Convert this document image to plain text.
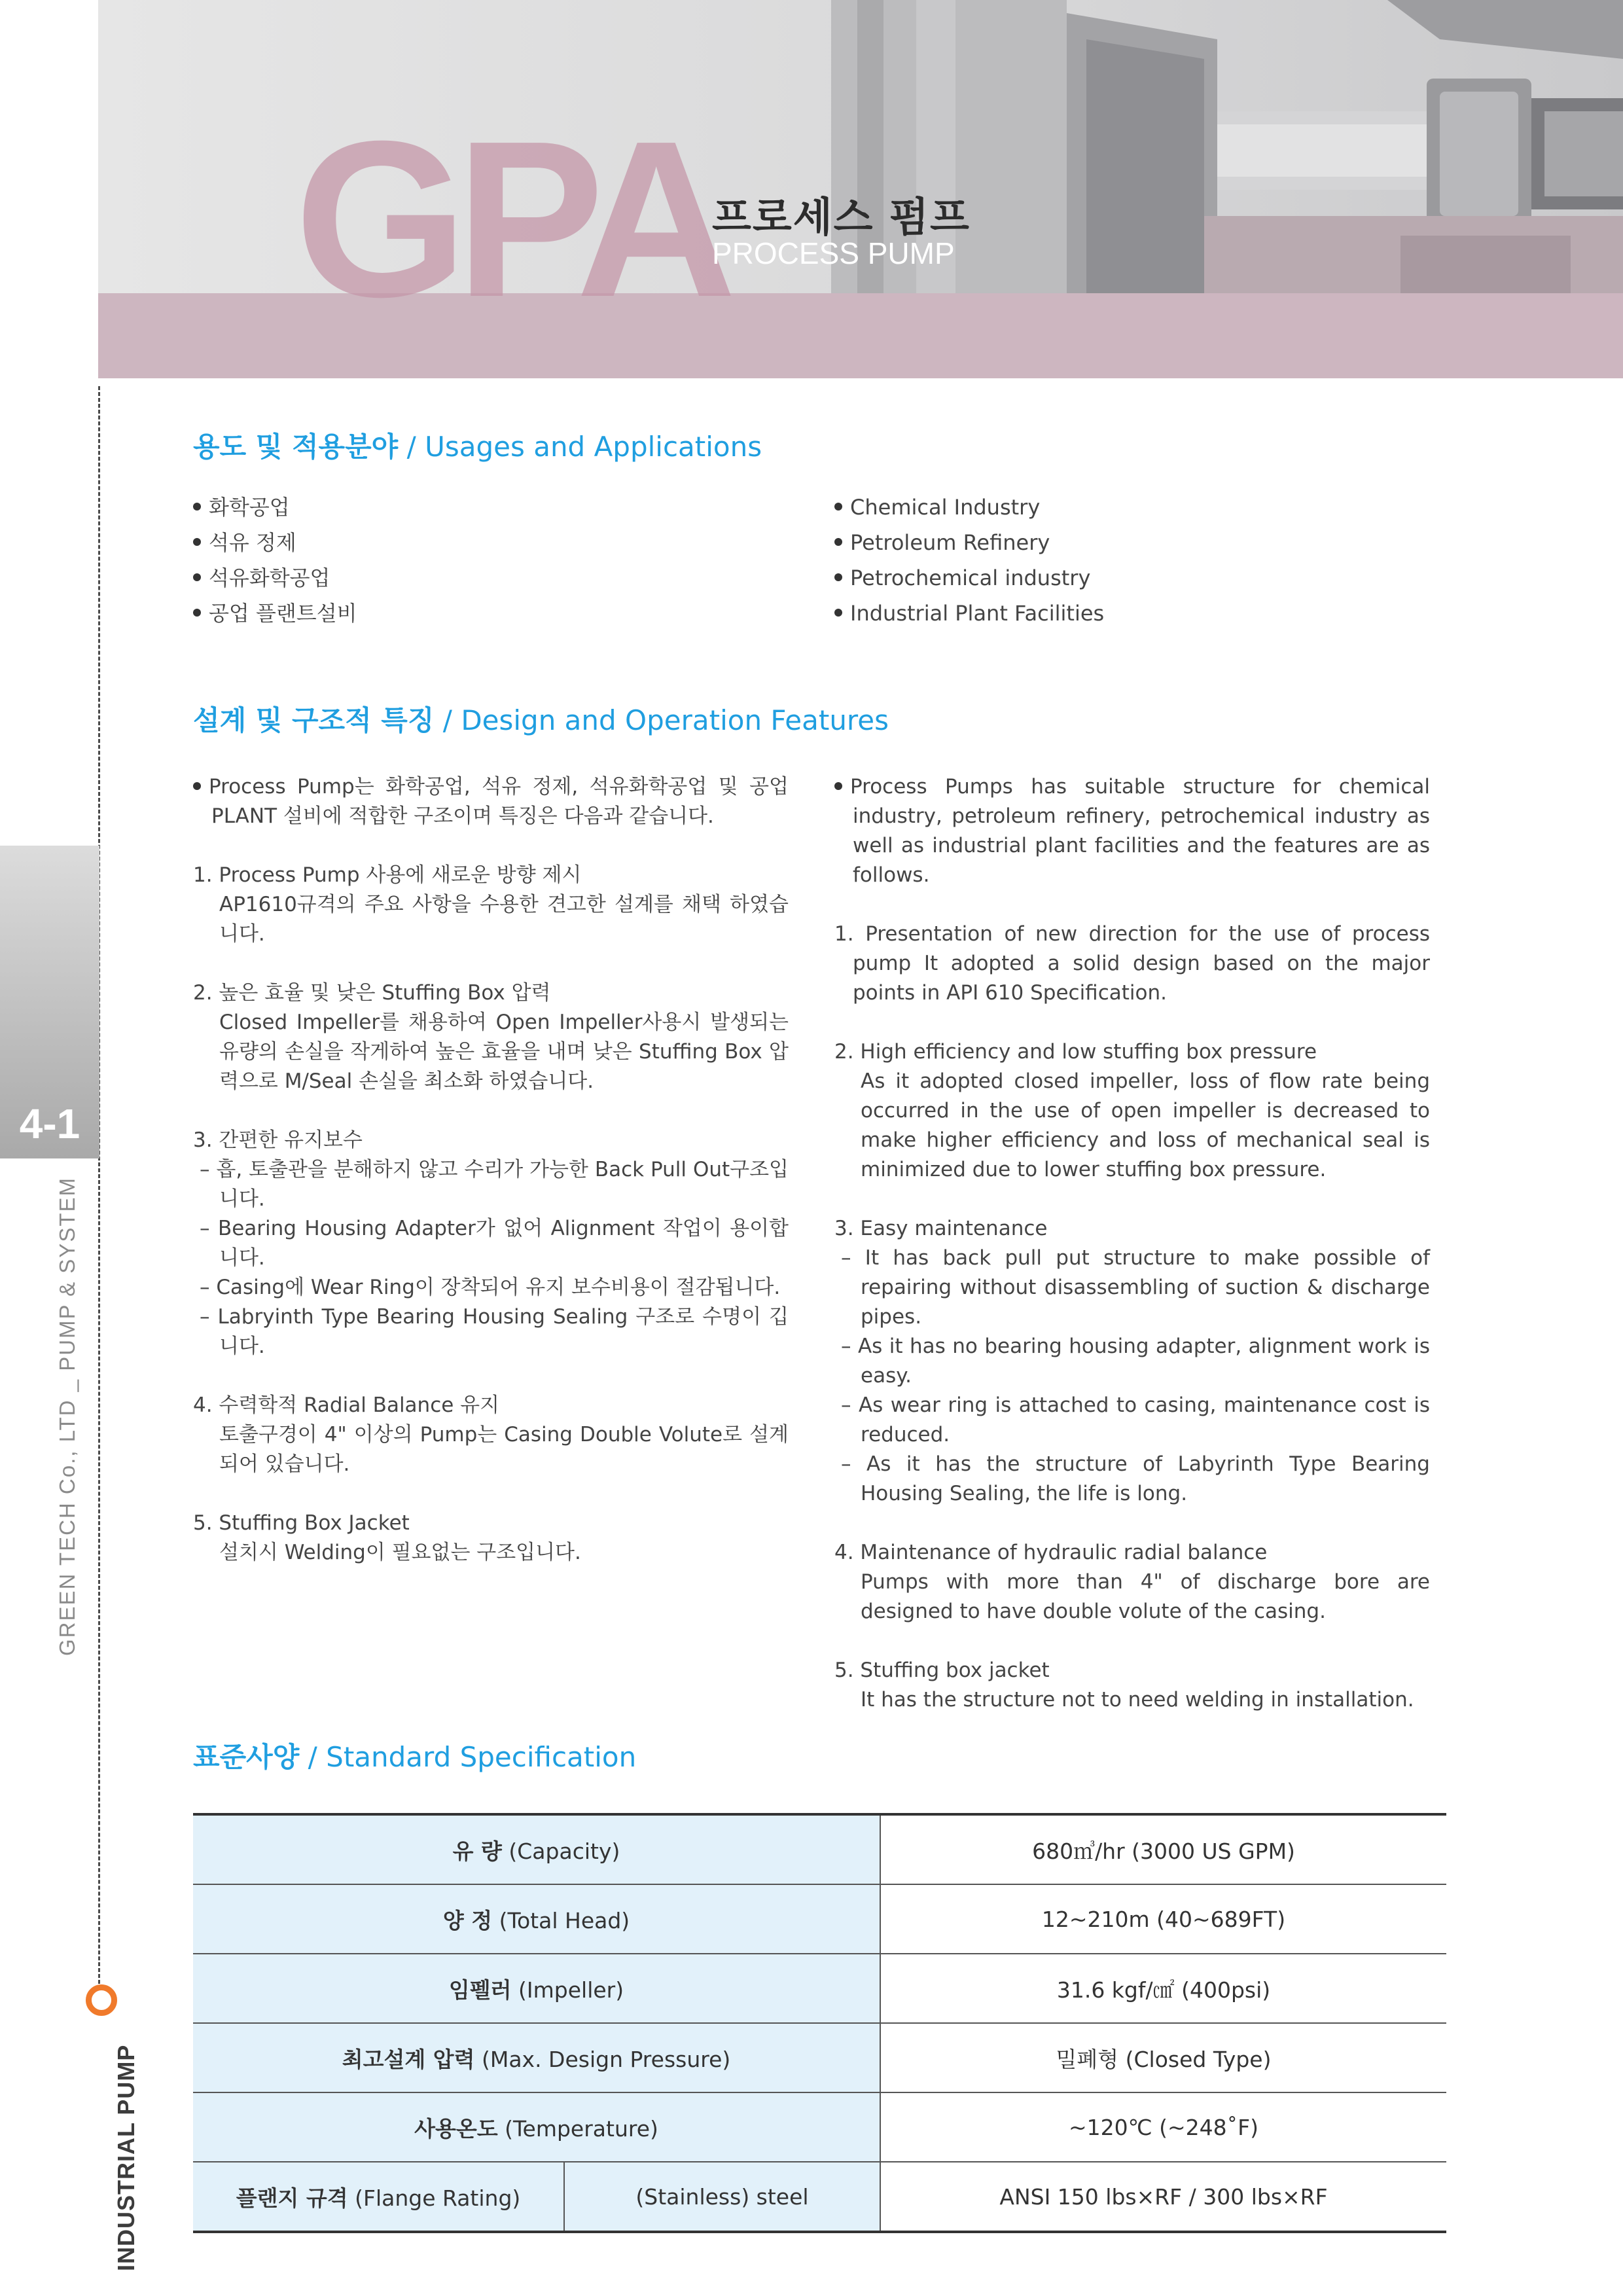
GPA
프로세스 펌프
PROCESS PUMP
4-1
GREEN TECH Co., LTD _ PUMP & SYSTEM
INDUSTRIAL PUMP
용도 및 적용분야 / Usages and Applications
화학공업
석유 정제
석유화학공업
공업 플랜트설비
Chemical Industry
Petroleum Refinery
Petrochemical industry
Industrial Plant Facilities
설계 및 구조적 특징 / Design and Operation Features

Process Pump는 화학공업, 석유 정제, 석유화학공업 및 공업 PLANT 설비에 적합한 구조이며 특징은 다음과 같습니다.

1. Process Pump 사용에 새로운 방향 제시

AP1610규격의 주요 사항을 수용한 견고한 설계를 채택 하였습니다.

2. 높은 효율 및 낮은 Stuffing Box 압력

Closed Impeller를 채용하여 Open Impeller사용시 발생되는 유량의 손실을 작게하여 높은 효율을 내며 낮은 Stuffing Box 압력으로 M/Seal 손실을 최소화 하였습니다.

3. 간편한 유지보수

– 흡, 토출관을 분해하지 않고 수리가 가능한 Back Pull Out구조입니다.

– Bearing Housing Adapter가 없어 Alignment 작업이 용이합니다.

– Casing에 Wear Ring이 장착되어 유지 보수비용이 절감됩니다.

– Labryinth Type Bearing Housing Sealing 구조로 수명이 깁니다.

4. 수력학적 Radial Balance 유지

토출구경이 4" 이상의 Pump는 Casing Double Volute로 설계되어 있습니다.

5. Stuffing Box Jacket

설치시 Welding이 필요없는 구조입니다.

Process Pumps has suitable structure for chemical industry, petroleum refinery, petrochemical industry as well as industrial plant facilities and the features are as follows.

1. Presentation of new direction for the use of process pump It adopted a solid design based on the major points in API 610 Specification.

2. High efficiency and low stuffing box pressure

As it adopted closed impeller, loss of flow rate being occurred in the use of open impeller is decreased to make higher efficiency and loss of mechanical seal is minimized due to lower stuffing box pressure.

3. Easy maintenance

– It has back pull put structure to make possible of repairing without disassembling of suction & discharge pipes.

– As it has no bearing housing adapter, alignment work is easy.

– As wear ring is attached to casing, maintenance cost is reduced.

– As it has the structure of Labyrinth Type Bearing Housing Sealing, the life is long.

4. Maintenance of hydraulic radial balance

Pumps with more than 4" of discharge bore are designed to have double volute of the casing.

5. Stuffing box jacket

It has the structure not to need welding in installation.

표준사양 / Standard Specification
유 량 (Capacity)		680㎥/hr (3000 US GPM)
양 정 (Total Head)		12~210m (40~689FT)
임펠러 (Impeller)		31.6 kgf/㎠ (400psi)
최고설계 압력 (Max. Design Pressure)		밀폐형 (Closed Type)
사용온도 (Temperature)		~120℃ (~248˚F)
플랜지 규격 (Flange Rating)	(Stainless) steel	ANSI 150 lbs×RF / 300 lbs×RF
